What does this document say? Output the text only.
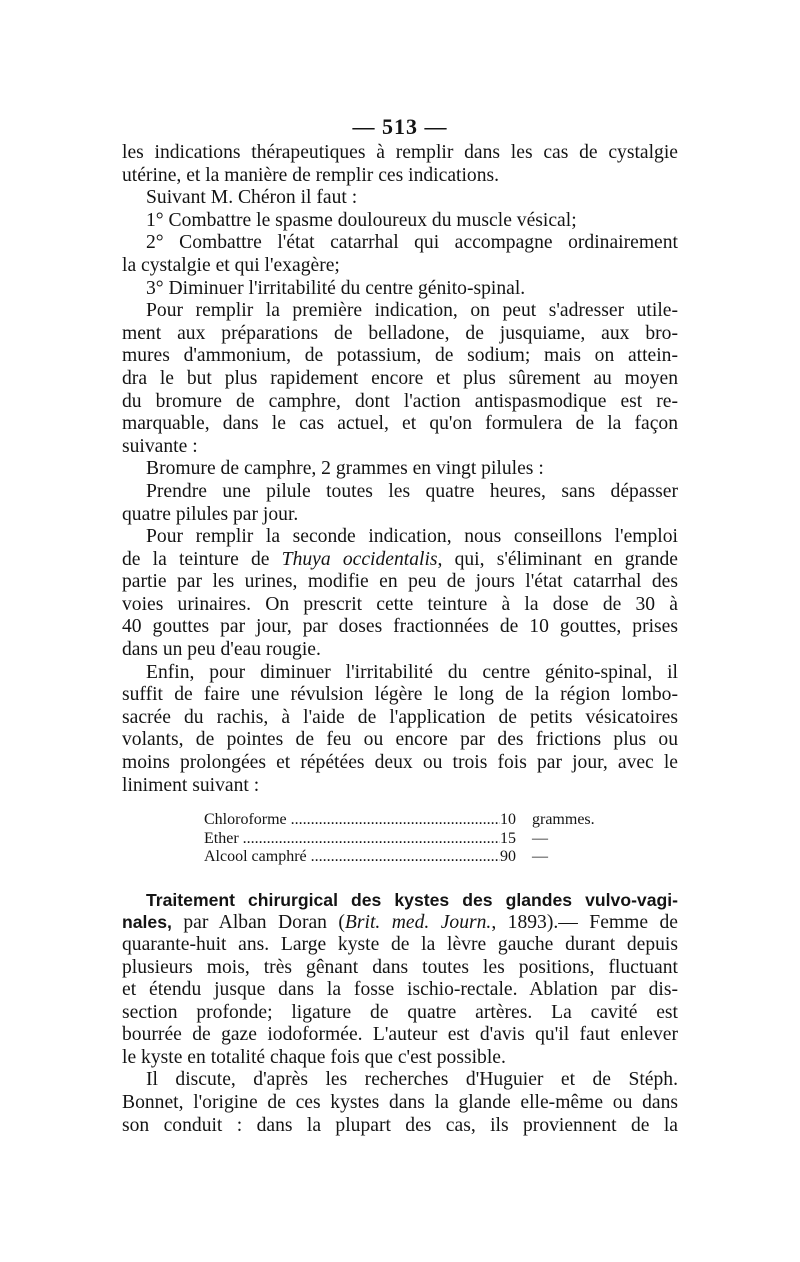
— 513 —
les indications thérapeutiques à remplir dans les cas de cystalgie
utérine, et la manière de remplir ces indications.
Suivant M. Chéron il faut :
1° Combattre le spasme douloureux du muscle vésical;
2° Combattre l'état catarrhal qui accompagne ordinairement
la cystalgie et qui l'exagère;
3° Diminuer l'irritabilité du centre génito-spinal.
Pour remplir la première indication, on peut s'adresser utile-
ment aux préparations de belladone, de jusquiame, aux bro-
mures d'ammonium, de potassium, de sodium; mais on attein-
dra le but plus rapidement encore et plus sûrement au moyen
du bromure de camphre, dont l'action antispasmodique est re-
marquable, dans le cas actuel, et qu'on formulera de la façon
suivante :
Bromure de camphre, 2 grammes en vingt pilules :
Prendre une pilule toutes les quatre heures, sans dépasser
quatre pilules par jour.
Pour remplir la seconde indication, nous conseillons l'emploi
de la teinture de Thuya occidentalis, qui, s'éliminant en grande
partie par les urines, modifie en peu de jours l'état catarrhal des
voies urinaires. On prescrit cette teinture à la dose de 30 à
40 gouttes par jour, par doses fractionnées de 10 gouttes, prises
dans un peu d'eau rougie.
Enfin, pour diminuer l'irritabilité du centre génito-spinal, il
suffit de faire une révulsion légère le long de la région lombo-
sacrée du rachis, à l'aide de l'application de petits vésicatoires
volants, de pointes de feu ou encore par des frictions plus ou
moins prolongées et répétées deux ou trois fois par jour, avec le
liniment suivant :
Chloroforme .....	10	grammes.
Ether .....	15	—
Alcool camphré .....	90	—
Traitement chirurgical des kystes des glandes vulvo-vagi-
nales, par Alban Doran (Brit. med. Journ., 1893).— Femme de
quarante-huit ans. Large kyste de la lèvre gauche durant depuis
plusieurs mois, très gênant dans toutes les positions, fluctuant
et étendu jusque dans la fosse ischio-rectale. Ablation par dis-
section profonde; ligature de quatre artères. La cavité est
bourrée de gaze iodoformée. L'auteur est d'avis qu'il faut enlever
le kyste en totalité chaque fois que c'est possible.
Il discute, d'après les recherches d'Huguier et de Stéph.
Bonnet, l'origine de ces kystes dans la glande elle-même ou dans
son conduit : dans la plupart des cas, ils proviennent de la
